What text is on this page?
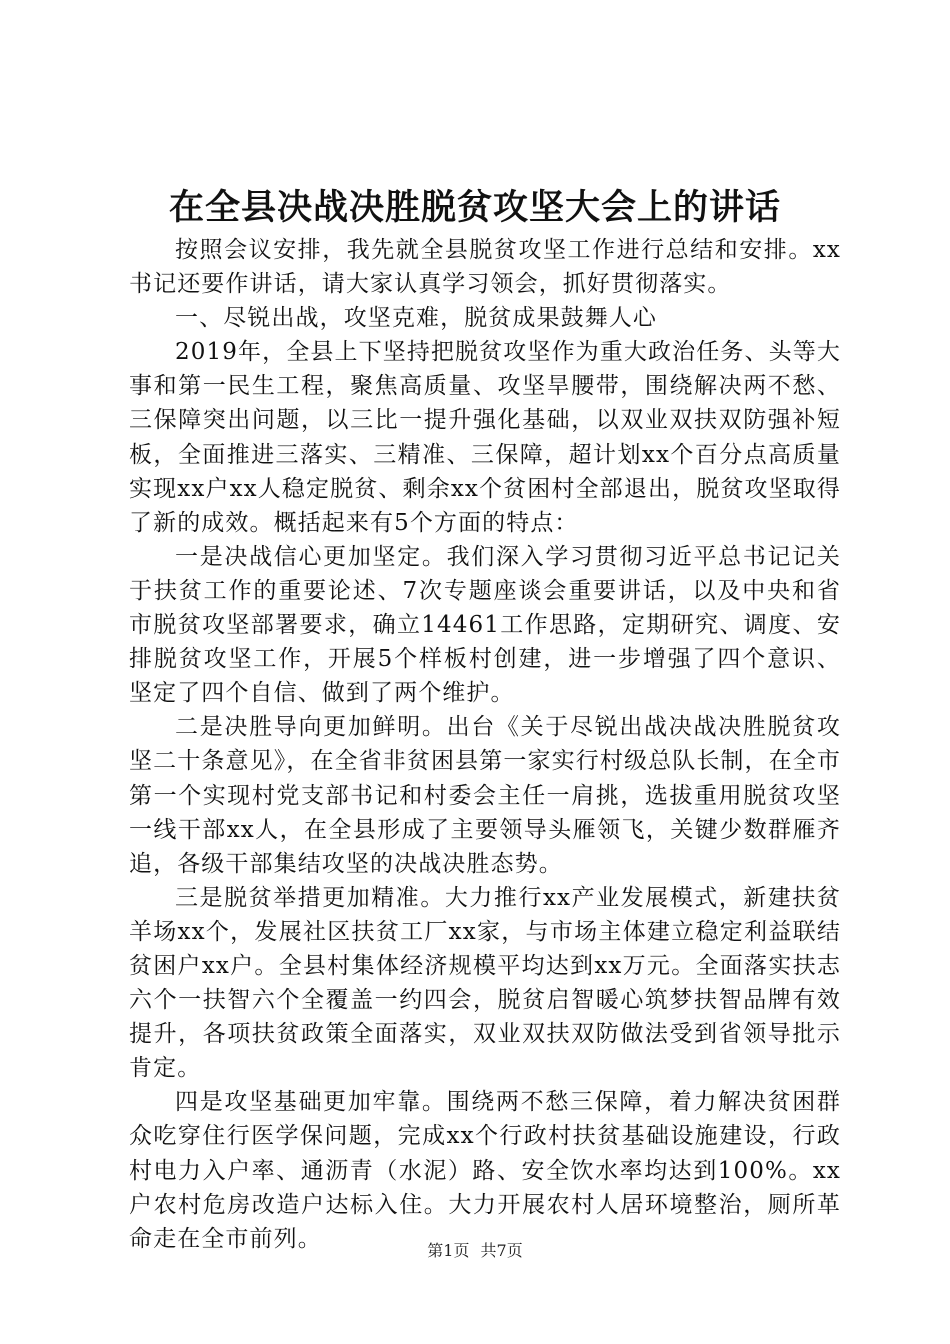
在全县决战决胜脱贫攻坚大会上的讲话

按照会议安排，我先就全县脱贫攻坚工作进行总结和安排。xx书记还要作讲话，请大家认真学习领会，抓好贯彻落实。

一、尽锐出战，攻坚克难，脱贫成果鼓舞人心

2019年，全县上下坚持把脱贫攻坚作为重大政治任务、头等大事和第一民生工程，聚焦高质量、攻坚旱腰带，围绕解决两不愁、三保障突出问题，以三比一提升强化基础，以双业双扶双防强补短板，全面推进三落实、三精准、三保障，超计划xx个百分点高质量实现xx户xx人稳定脱贫、剩余xx个贫困村全部退出，脱贫攻坚取得了新的成效。概括起来有5个方面的特点：

一是决战信心更加坚定。我们深入学习贯彻习近平总书记记关于扶贫工作的重要论述、7次专题座谈会重要讲话，以及中央和省市脱贫攻坚部署要求，确立14461工作思路，定期研究、调度、安排脱贫攻坚工作，开展5个样板村创建，进一步增强了四个意识、坚定了四个自信、做到了两个维护。

二是决胜导向更加鲜明。出台《关于尽锐出战决战决胜脱贫攻坚二十条意见》，在全省非贫困县第一家实行村级总队长制，在全市第一个实现村党支部书记和村委会主任一肩挑，选拔重用脱贫攻坚一线干部xx人，在全县形成了主要领导头雁领飞，关键少数群雁齐追，各级干部集结攻坚的决战决胜态势。

三是脱贫举措更加精准。大力推行xx产业发展模式，新建扶贫羊场xx个，发展社区扶贫工厂xx家，与市场主体建立稳定利益联结贫困户xx户。全县村集体经济规模平均达到xx万元。全面落实扶志六个一扶智六个全覆盖一约四会，脱贫启智暖心筑梦扶智品牌有效提升，各项扶贫政策全面落实，双业双扶双防做法受到省领导批示肯定。

四是攻坚基础更加牢靠。围绕两不愁三保障，着力解决贫困群众吃穿住行医学保问题，完成xx个行政村扶贫基础设施建设，行政村电力入户率、通沥青（水泥）路、安全饮水率均达到100%。xx户农村危房改造户达标入住。大力开展农村人居环境整治，厕所革命走在全市前列。	第1页 共7页
